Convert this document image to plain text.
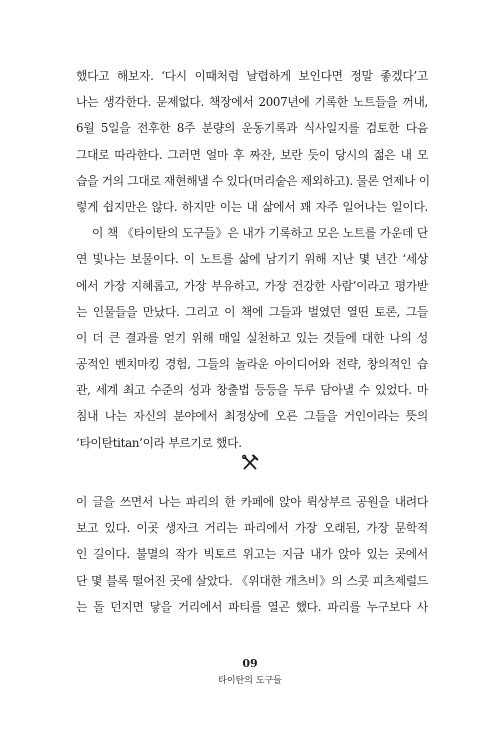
했다고 해보자. ‘다시 이때처럼 날렵하게 보인다면 정말 좋겠다’고
나는 생각한다. 문제없다. 책장에서 2007년에 기록한 노트들을 꺼내,
6월 5일을 전후한 8주 분량의 운동기록과 식사일지를 검토한 다음
그대로 따라한다. 그러면 얼마 후 짜잔, 보란 듯이 당시의 젊은 내 모
습을 거의 그대로 재현해낼 수 있다(머리숱은 제외하고). 물론 언제나 이
렇게 쉽지만은 않다. 하지만 이는 내 삶에서 꽤 자주 일어나는 일이다.
이 책 《타이탄의 도구들》은 내가 기록하고 모은 노트를 가운데 단
연 빛나는 보물이다. 이 노트를 삶에 남기기 위해 지난 몇 년간 ‘세상
에서 가장 지혜롭고, 가장 부유하고, 가장 건강한 사람’이라고 평가받
는 인물들을 만났다. 그리고 이 책에 그들과 벌였던 열띤 토론, 그들
이 더 큰 결과를 얻기 위해 매일 실천하고 있는 것들에 대한 나의 성
공적인 벤치마킹 경험, 그들의 놀라운 아이디어와 전략, 창의적인 습
관, 세계 최고 수준의 성과 창출법 등등을 두루 담아낼 수 있었다. 마
침내 나는 자신의 분야에서 최정상에 오른 그들을 거인이라는 뜻의
‘타이탄titan’이라 부르기로 했다.
이 글을 쓰면서 나는 파리의 한 카페에 앉아 뤽상부르 공원을 내려다
보고 있다. 이곳 생자크 거리는 파리에서 가장 오래된, 가장 문학적
인 길이다. 불멸의 작가 빅토르 위고는 지금 내가 앉아 있는 곳에서
단 몇 블록 떨어진 곳에 살았다. 《위대한 개츠비》의 스콧 피츠제럴드
는 돌 던지면 닿을 거리에서 파티를 열곤 했다. 파리를 누구보다 사
09
타이탄의 도구들
